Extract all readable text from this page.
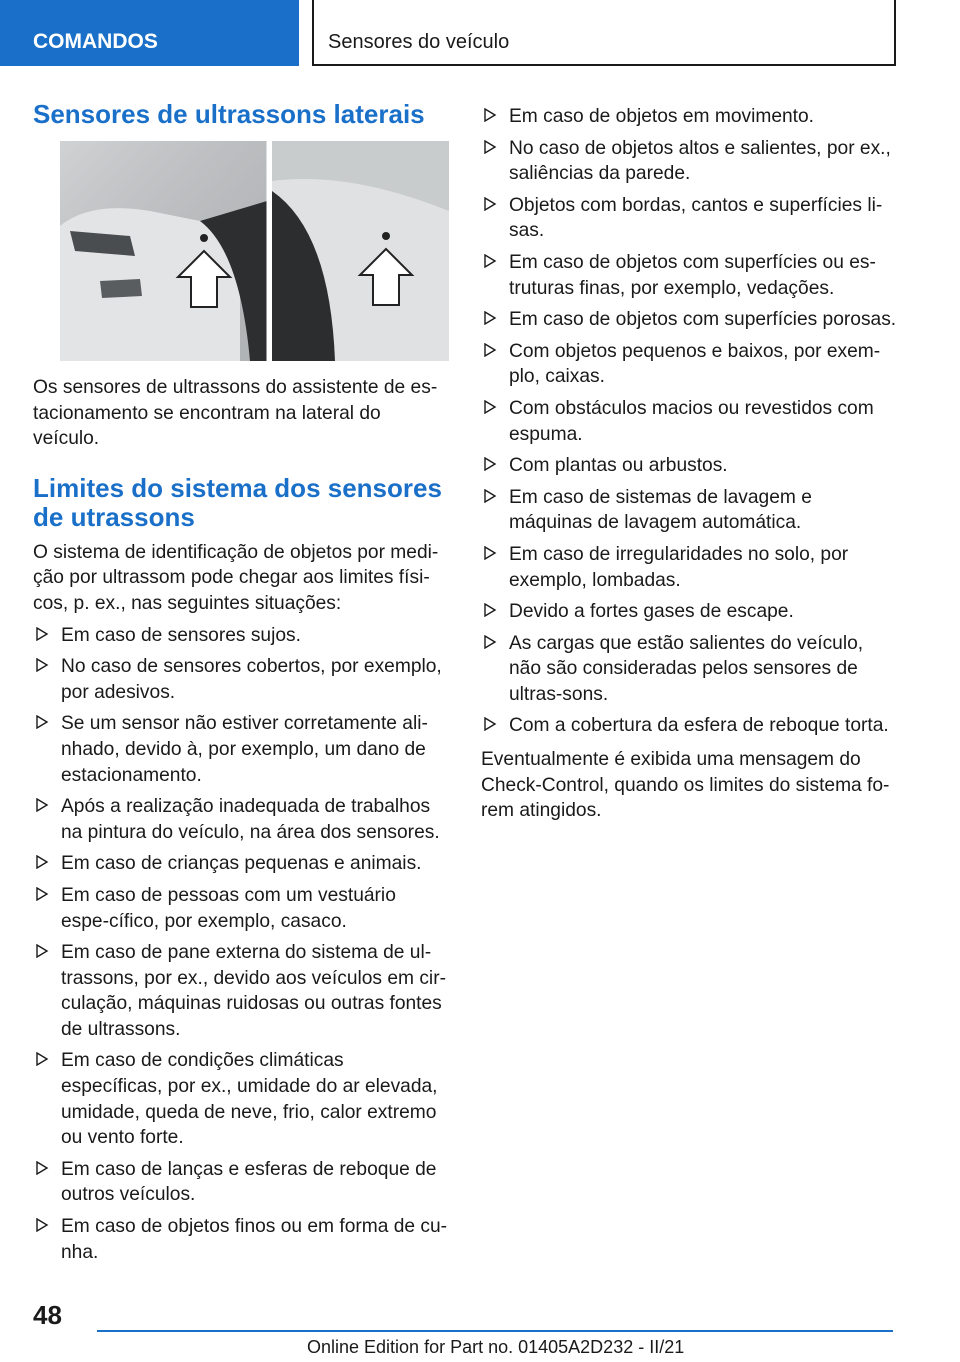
COMANDOS	Sensores do veículo
Sensores de ultrassons laterais

Os sensores de ultrassons do assistente de es-tacionamento se encontram na lateral do veículo.

Limites do sistema dos sensores de utrassons

O sistema de identificação de objetos por medi-ção por ultrassom pode chegar aos limites físi-cos, p. ex., nas seguintes situações:

Em caso de sensores sujos.
No caso de sensores cobertos, por exemplo, por adesivos.
Se um sensor não estiver corretamente ali-nhado, devido à, por exemplo, um dano de estacionamento.
Após a realização inadequada de trabalhos na pintura do veículo, na área dos sensores.
Em caso de crianças pequenas e animais.
Em caso de pessoas com um vestuário espe-cífico, por exemplo, casaco.
Em caso de pane externa do sistema de ul-trassons, por ex., devido aos veículos em cir-culação, máquinas ruidosas ou outras fontes de ultrassons.
Em caso de condições climáticas específicas, por ex., umidade do ar elevada, umidade, queda de neve, frio, calor extremo ou vento forte.
Em caso de lanças e esferas de reboque de outros veículos.
Em caso de objetos finos ou em forma de cu-nha.
Em caso de objetos em movimento.
No caso de objetos altos e salientes, por ex., saliências da parede.
Objetos com bordas, cantos e superfícies li-sas.
Em caso de objetos com superfícies ou es-truturas finas, por exemplo, vedações.
Em caso de objetos com superfícies porosas.
Com objetos pequenos e baixos, por exem-plo, caixas.
Com obstáculos macios ou revestidos com espuma.
Com plantas ou arbustos.
Em caso de sistemas de lavagem e máquinas de lavagem automática.
Em caso de irregularidades no solo, por exemplo, lombadas.
Devido a fortes gases de escape.
As cargas que estão salientes do veículo, não são consideradas pelos sensores de ultras-sons.
Com a cobertura da esfera de reboque torta.

Eventualmente é exibida uma mensagem do Check-Control, quando os limites do sistema fo-rem atingidos.

48
Online Edition for Part no. 01405A2D232 - II/21
